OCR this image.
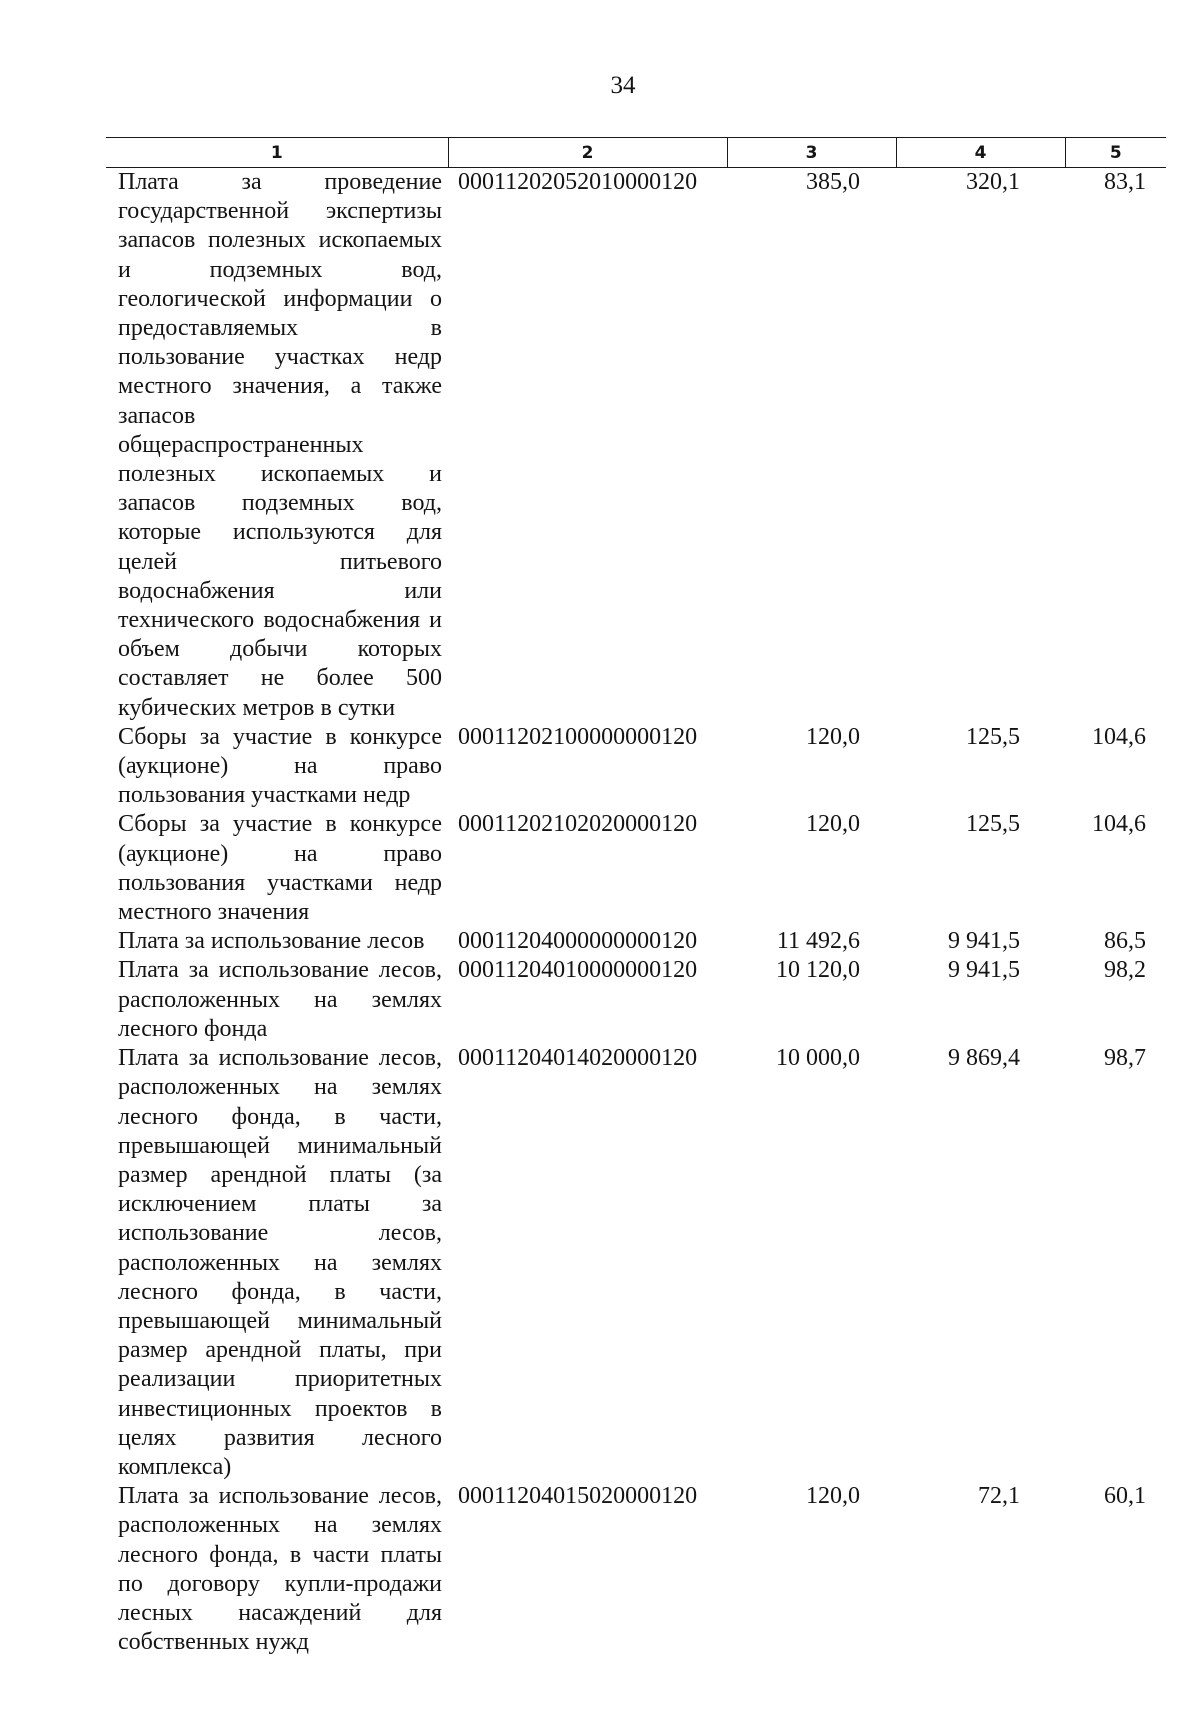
34
1	2	3	4	5
Плата за проведение государственной экспертизы запасов полезных ископаемых и подземных вод, геологической информации о предоставляемых в пользование участках недр местного значения, а также запасов общераспространенных полезных ископаемых и запасов подземных вод, которые используются для целей питьевого водоснабжения или технического водоснабжения и объем добычи которых составляет не более 500 кубических метров в сутки	00011202052010000120	385,0	320,1	83,1
Сборы за участие в конкурсе (аукционе) на право пользования участками недр	00011202100000000120	120,0	125,5	104,6
Сборы за участие в конкурсе (аукционе) на право пользования участками недр местного значения	00011202102020000120	120,0	125,5	104,6
Плата за использование лесов	00011204000000000120	11 492,6	9 941,5	86,5
Плата за использование лесов, расположенных на землях лесного фонда	00011204010000000120	10 120,0	9 941,5	98,2
Плата за использование лесов, расположенных на землях лесного фонда, в части, превышающей минимальный размер арендной платы (за исключением платы за использование лесов, расположенных на землях лесного фонда, в части, превышающей минимальный размер арендной платы, при реализации приоритетных инвестиционных проектов в целях развития лесного комплекса)	00011204014020000120	10 000,0	9 869,4	98,7
Плата за использование лесов, расположенных на землях лесного фонда, в части платы по договору купли-продажи лесных насаждений для собственных нужд	00011204015020000120	120,0	72,1	60,1
